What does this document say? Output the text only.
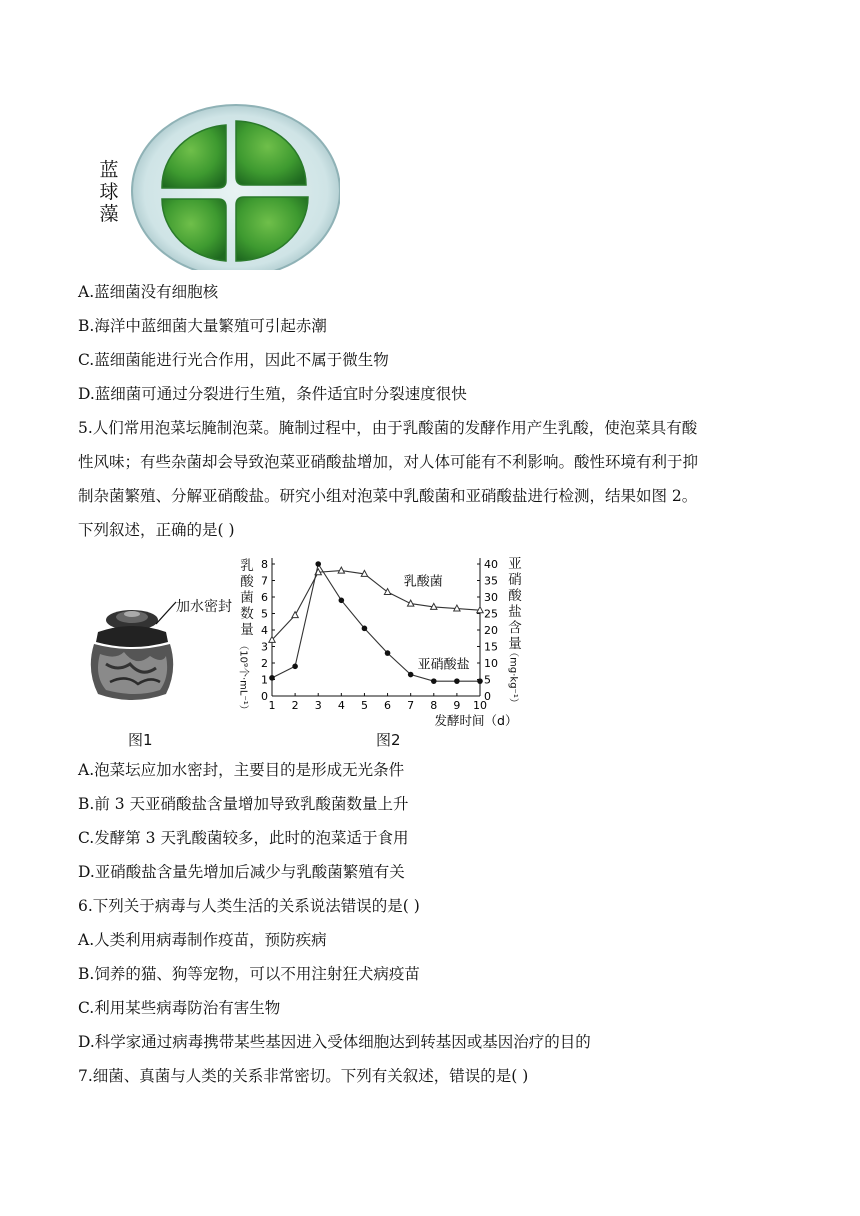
蓝
球
藻
A.蓝细菌没有细胞核
B.海洋中蓝细菌大量繁殖可引起赤潮
C.蓝细菌能进行光合作用，因此不属于微生物
D.蓝细菌可通过分裂进行生殖，条件适宜时分裂速度很快
5.人们常用泡菜坛腌制泡菜。腌制过程中，由于乳酸菌的发酵作用产生乳酸，使泡菜具有酸
性风味；有些杂菌却会导致泡菜亚硝酸盐增加，对人体可能有不利影响。酸性环境有利于抑
制杂菌繁殖、分解亚硝酸盐。研究小组对泡菜中乳酸菌和亚硝酸盐进行检测，结果如图 2。
下列叙述，正确的是( )
加水密封
图1
乳
酸
菌
数
量
（10⁹个·mL⁻¹）
亚
硝
酸
盐
含
量
（mg·kg⁻¹）
0
1
2
3
4
5
6
7
8
0
5
10
15
20
25
30
35
40
1 2 3 4 5 6 7 8 9 10
发酵时间（d）
乳酸菌
亚硝酸盐
图2
A.泡菜坛应加水密封，主要目的是形成无光条件
B.前 3 天亚硝酸盐含量增加导致乳酸菌数量上升
C.发酵第 3 天乳酸菌较多，此时的泡菜适于食用
D.亚硝酸盐含量先增加后减少与乳酸菌繁殖有关
6.下列关于病毒与人类生活的关系说法错误的是( )
A.人类利用病毒制作疫苗，预防疾病
B.饲养的猫、狗等宠物，可以不用注射狂犬病疫苗
C.利用某些病毒防治有害生物
D.科学家通过病毒携带某些基因进入受体细胞达到转基因或基因治疗的目的
7.细菌、真菌与人类的关系非常密切。下列有关叙述，错误的是( )
